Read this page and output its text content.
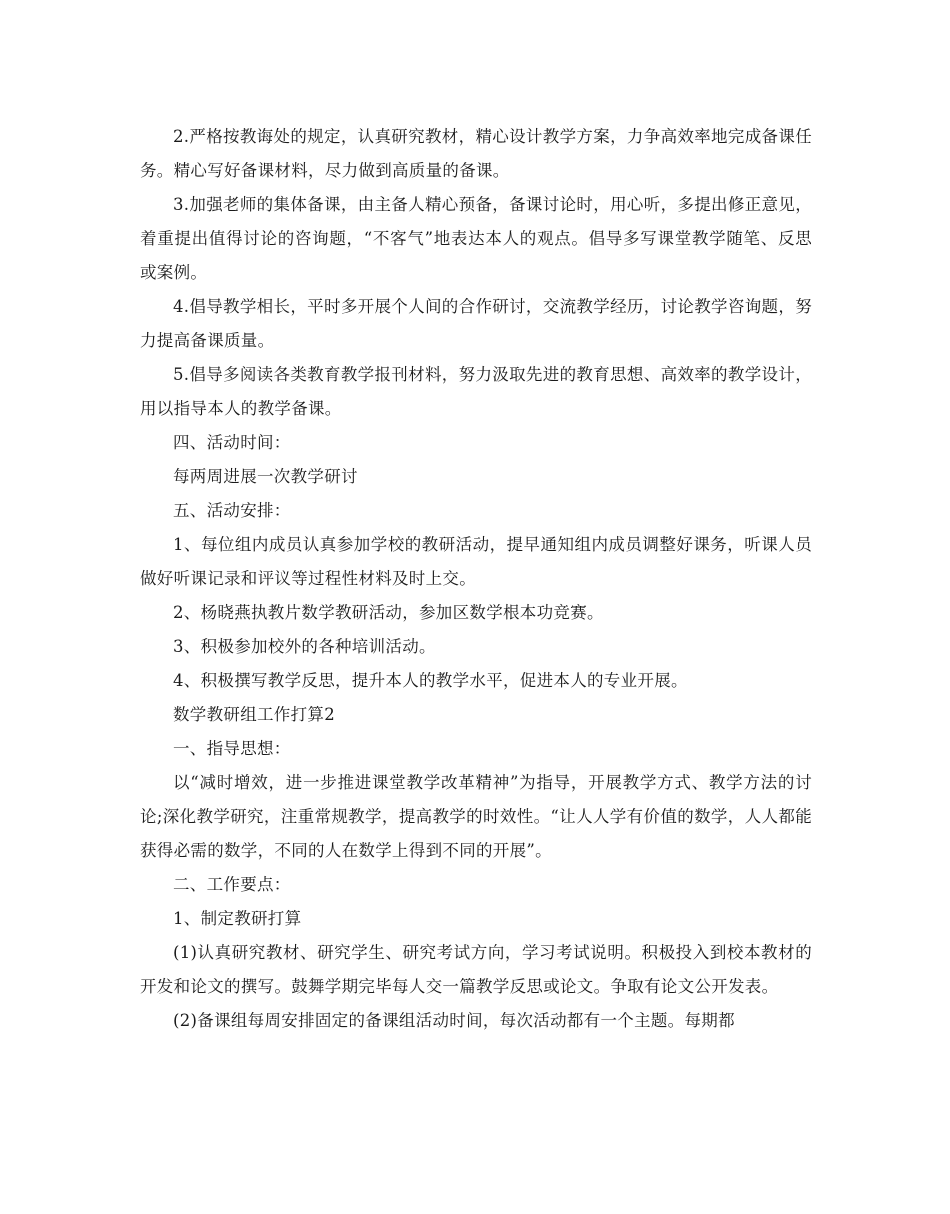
2.严格按教诲处的规定，认真研究教材，精心设计教学方案，力争高效率地完成备课任务。精心写好备课材料，尽力做到高质量的备课。

3.加强老师的集体备课，由主备人精心预备，备课讨论时，用心听，多提出修正意见，着重提出值得讨论的咨询题，“不客气”地表达本人的观点。倡导多写课堂教学随笔、反思或案例。

4.倡导教学相长，平时多开展个人间的合作研讨，交流教学经历，讨论教学咨询题，努力提高备课质量。

5.倡导多阅读各类教育教学报刊材料，努力汲取先进的教育思想、高效率的教学设计，用以指导本人的教学备课。

四、活动时间：

每两周进展一次教学研讨

五、活动安排：

1、每位组内成员认真参加学校的教研活动，提早通知组内成员调整好课务，听课人员做好听课记录和评议等过程性材料及时上交。

2、杨晓燕执教片数学教研活动，参加区数学根本功竞赛。

3、积极参加校外的各种培训活动。

4、积极撰写教学反思，提升本人的教学水平，促进本人的专业开展。

数学教研组工作打算2

一、指导思想：

以“减时增效，进一步推进课堂教学改革精神”为指导，开展教学方式、教学方法的讨论;深化教学研究，注重常规教学，提高教学的时效性。“让人人学有价值的数学，人人都能获得必需的数学，不同的人在数学上得到不同的开展”。

二、工作要点：

1、制定教研打算

(1)认真研究教材、研究学生、研究考试方向，学习考试说明。积极投入到校本教材的开发和论文的撰写。鼓舞学期完毕每人交一篇教学反思或论文。争取有论文公开发表。

(2)备课组每周安排固定的备课组活动时间，每次活动都有一个主题。每期都
